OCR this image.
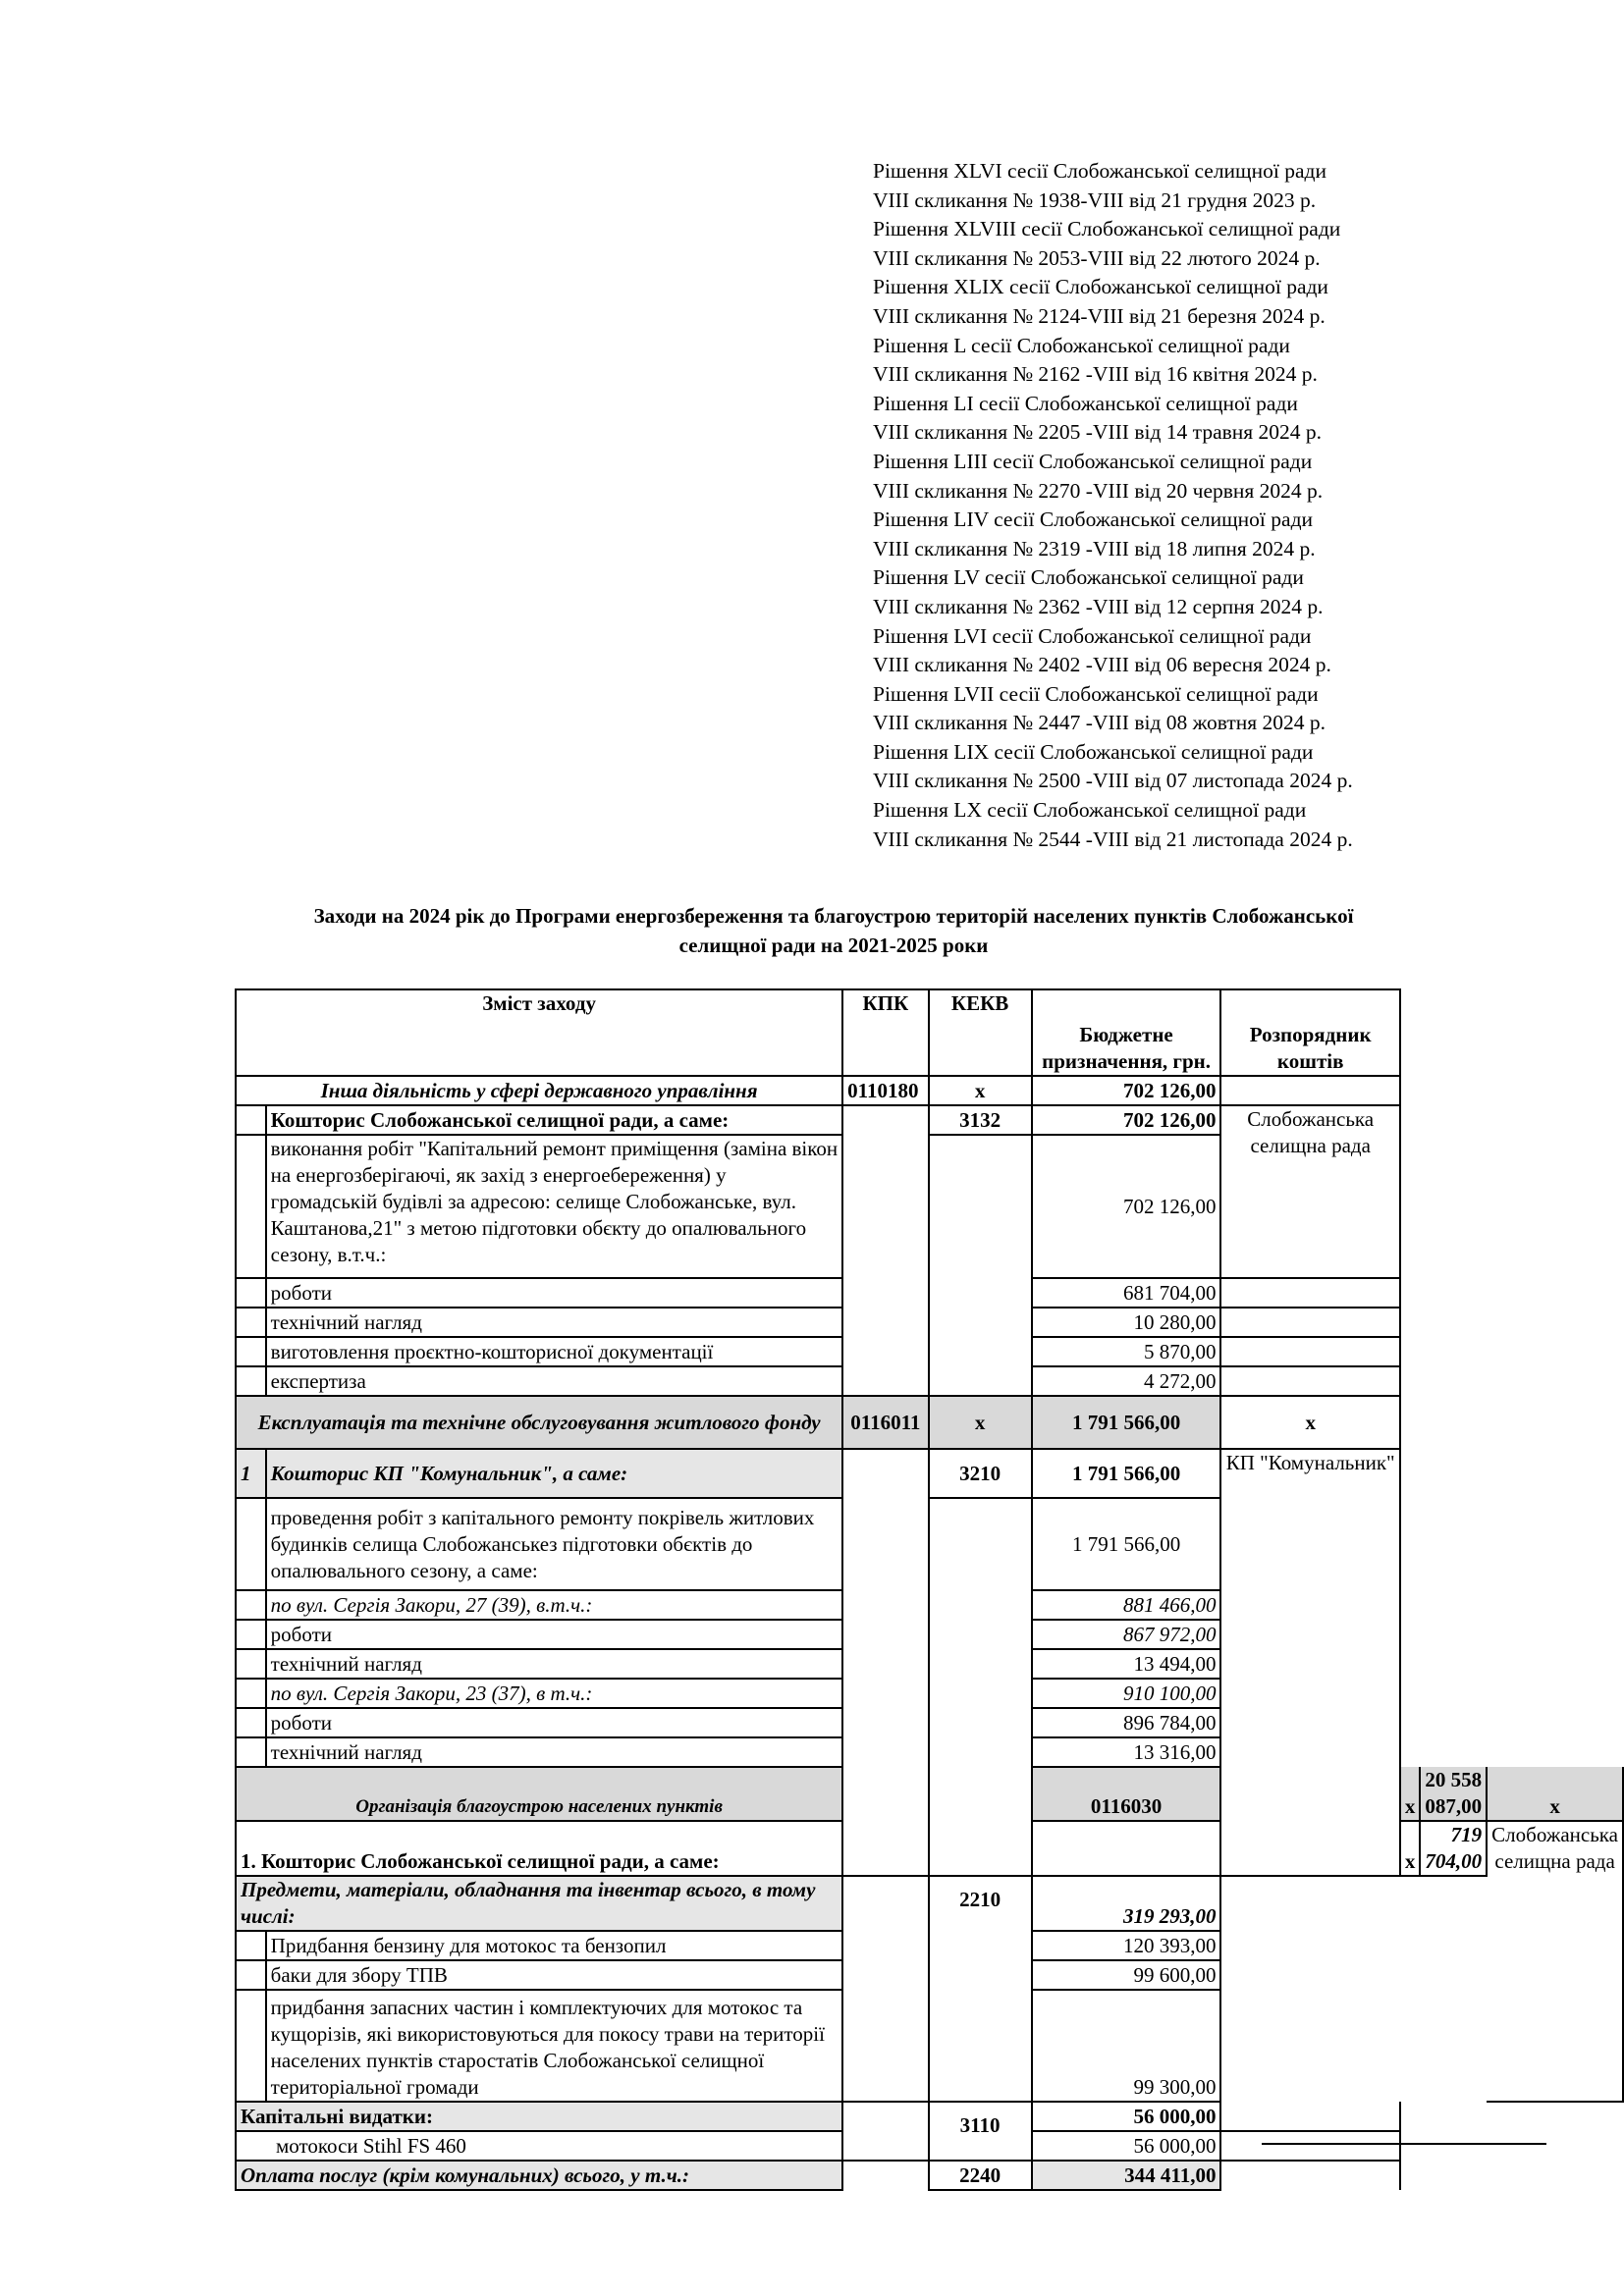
Рішення XLVI сесії Слобожанської селищної ради
VIII скликання № 1938-VIII від 21 грудня 2023 р.
Рішення XLVIII сесії Слобожанської селищної ради
VIII скликання № 2053-VIII від 22 лютого 2024 р.
Рішення XLIX сесії Слобожанської селищної ради
VIII скликання № 2124-VIII від 21 березня 2024 р.
Рішення L сесії Слобожанської селищної ради
VIII скликання № 2162 -VIII від 16 квітня 2024 р.
Рішення LI сесії Слобожанської селищної ради
VIII скликання № 2205 -VIII від 14 травня 2024 р.
Рішення LIII сесії Слобожанської селищної ради
VIII скликання № 2270 -VIII від 20 червня 2024 р.
Рішення LIV сесії Слобожанської селищної ради
VIII скликання № 2319 -VIII від 18 липня 2024 р.
Рішення LV сесії Слобожанської селищної ради
VIII скликання № 2362 -VIII від 12 серпня 2024 р.
Рішення LVI сесії Слобожанської селищної ради
VIII скликання № 2402 -VIII від 06 вересня 2024 р.
Рішення LVII сесії Слобожанської селищної ради
VIII скликання № 2447 -VIII від 08 жовтня 2024 р.
Рішення LIX сесії Слобожанської селищної ради
VIII скликання № 2500 -VIII від 07 листопада 2024 р.
Рішення LX сесії Слобожанської селищної ради
VIII скликання № 2544 -VIII від 21 листопада 2024 р.
Заходи на 2024 рік до Програми енергозбереження та благоустрою територій населених пунктів Слобожанської
селищної ради на 2021-2025 роки
Зміст заходу		КПК	КЕКВ	Бюджетне призначення, грн.	Розпорядник коштів			
Інша діяльність у сфері державного управління		0110180	х	702 126,00				
	Кошторис Слобожанської селищної ради, а саме:		3132	702 126,00	Слобожанська селищна рада			
	виконання робіт "Капітальний ремонт приміщення (заміна вікон на енергозберігаючі, як захід з енергоебереження) у громадській будівлі за адресою: селище Слобожанське, вул. Каштанова,21" з метою підготовки обєкту до опалювального сезону, в.т.ч.:			702 126,00				
	роботи			681 704,00				
	технічний нагляд			10 280,00				
	виготовлення проєктно-кошторисної документації			5 870,00				
	експертиза			4 272,00				
Експлуатація та технічне обслуговування житлового фонду		0116011	х	1 791 566,00	х			
1	Кошторис КП "Комунальник", а саме:		3210	1 791 566,00	КП "Комунальник"			
	проведення робіт з капітального ремонту покрівель житлових будинків селища Слобожанськез підготовки обєктів до опалювального сезону, а саме:			1 791 566,00				
	по вул. Сергія Закори, 27 (39), в.т.ч.:			881 466,00				
	роботи			867 972,00				
	технічний нагляд			13 494,00				
	по вул. Сергія Закори, 23 (37), в т.ч.:			910 100,00				
	роботи			896 784,00				
	технічний нагляд			13 316,00				
Організація благоустрою населених пунктів				0116030		х	20 558 087,00	х
1. Кошторис Слобожанської селищної ради, а саме:						х	719 704,00	Слобожанська селищна рада
Предмети, матеріали, обладнання та інвентар всього, в тому числі:			2210	319 293,00				
	Придбання бензину для мотокос та бензопил			120 393,00				
	баки для збору ТПВ			99 600,00				
	придбання запасних частин і комплектуючих для мотокос та кущорізів, які використовуються для покосу трави на території населених пунктів старостатів Слобожанської селищної територіальної громади			99 300,00				
Капітальні видатки:			3110	56 000,00				
мотокоси Stihl FS 460				56 000,00				
Оплата послуг (крім комунальних) всього, у т.ч.:			2240	344 411,00				
